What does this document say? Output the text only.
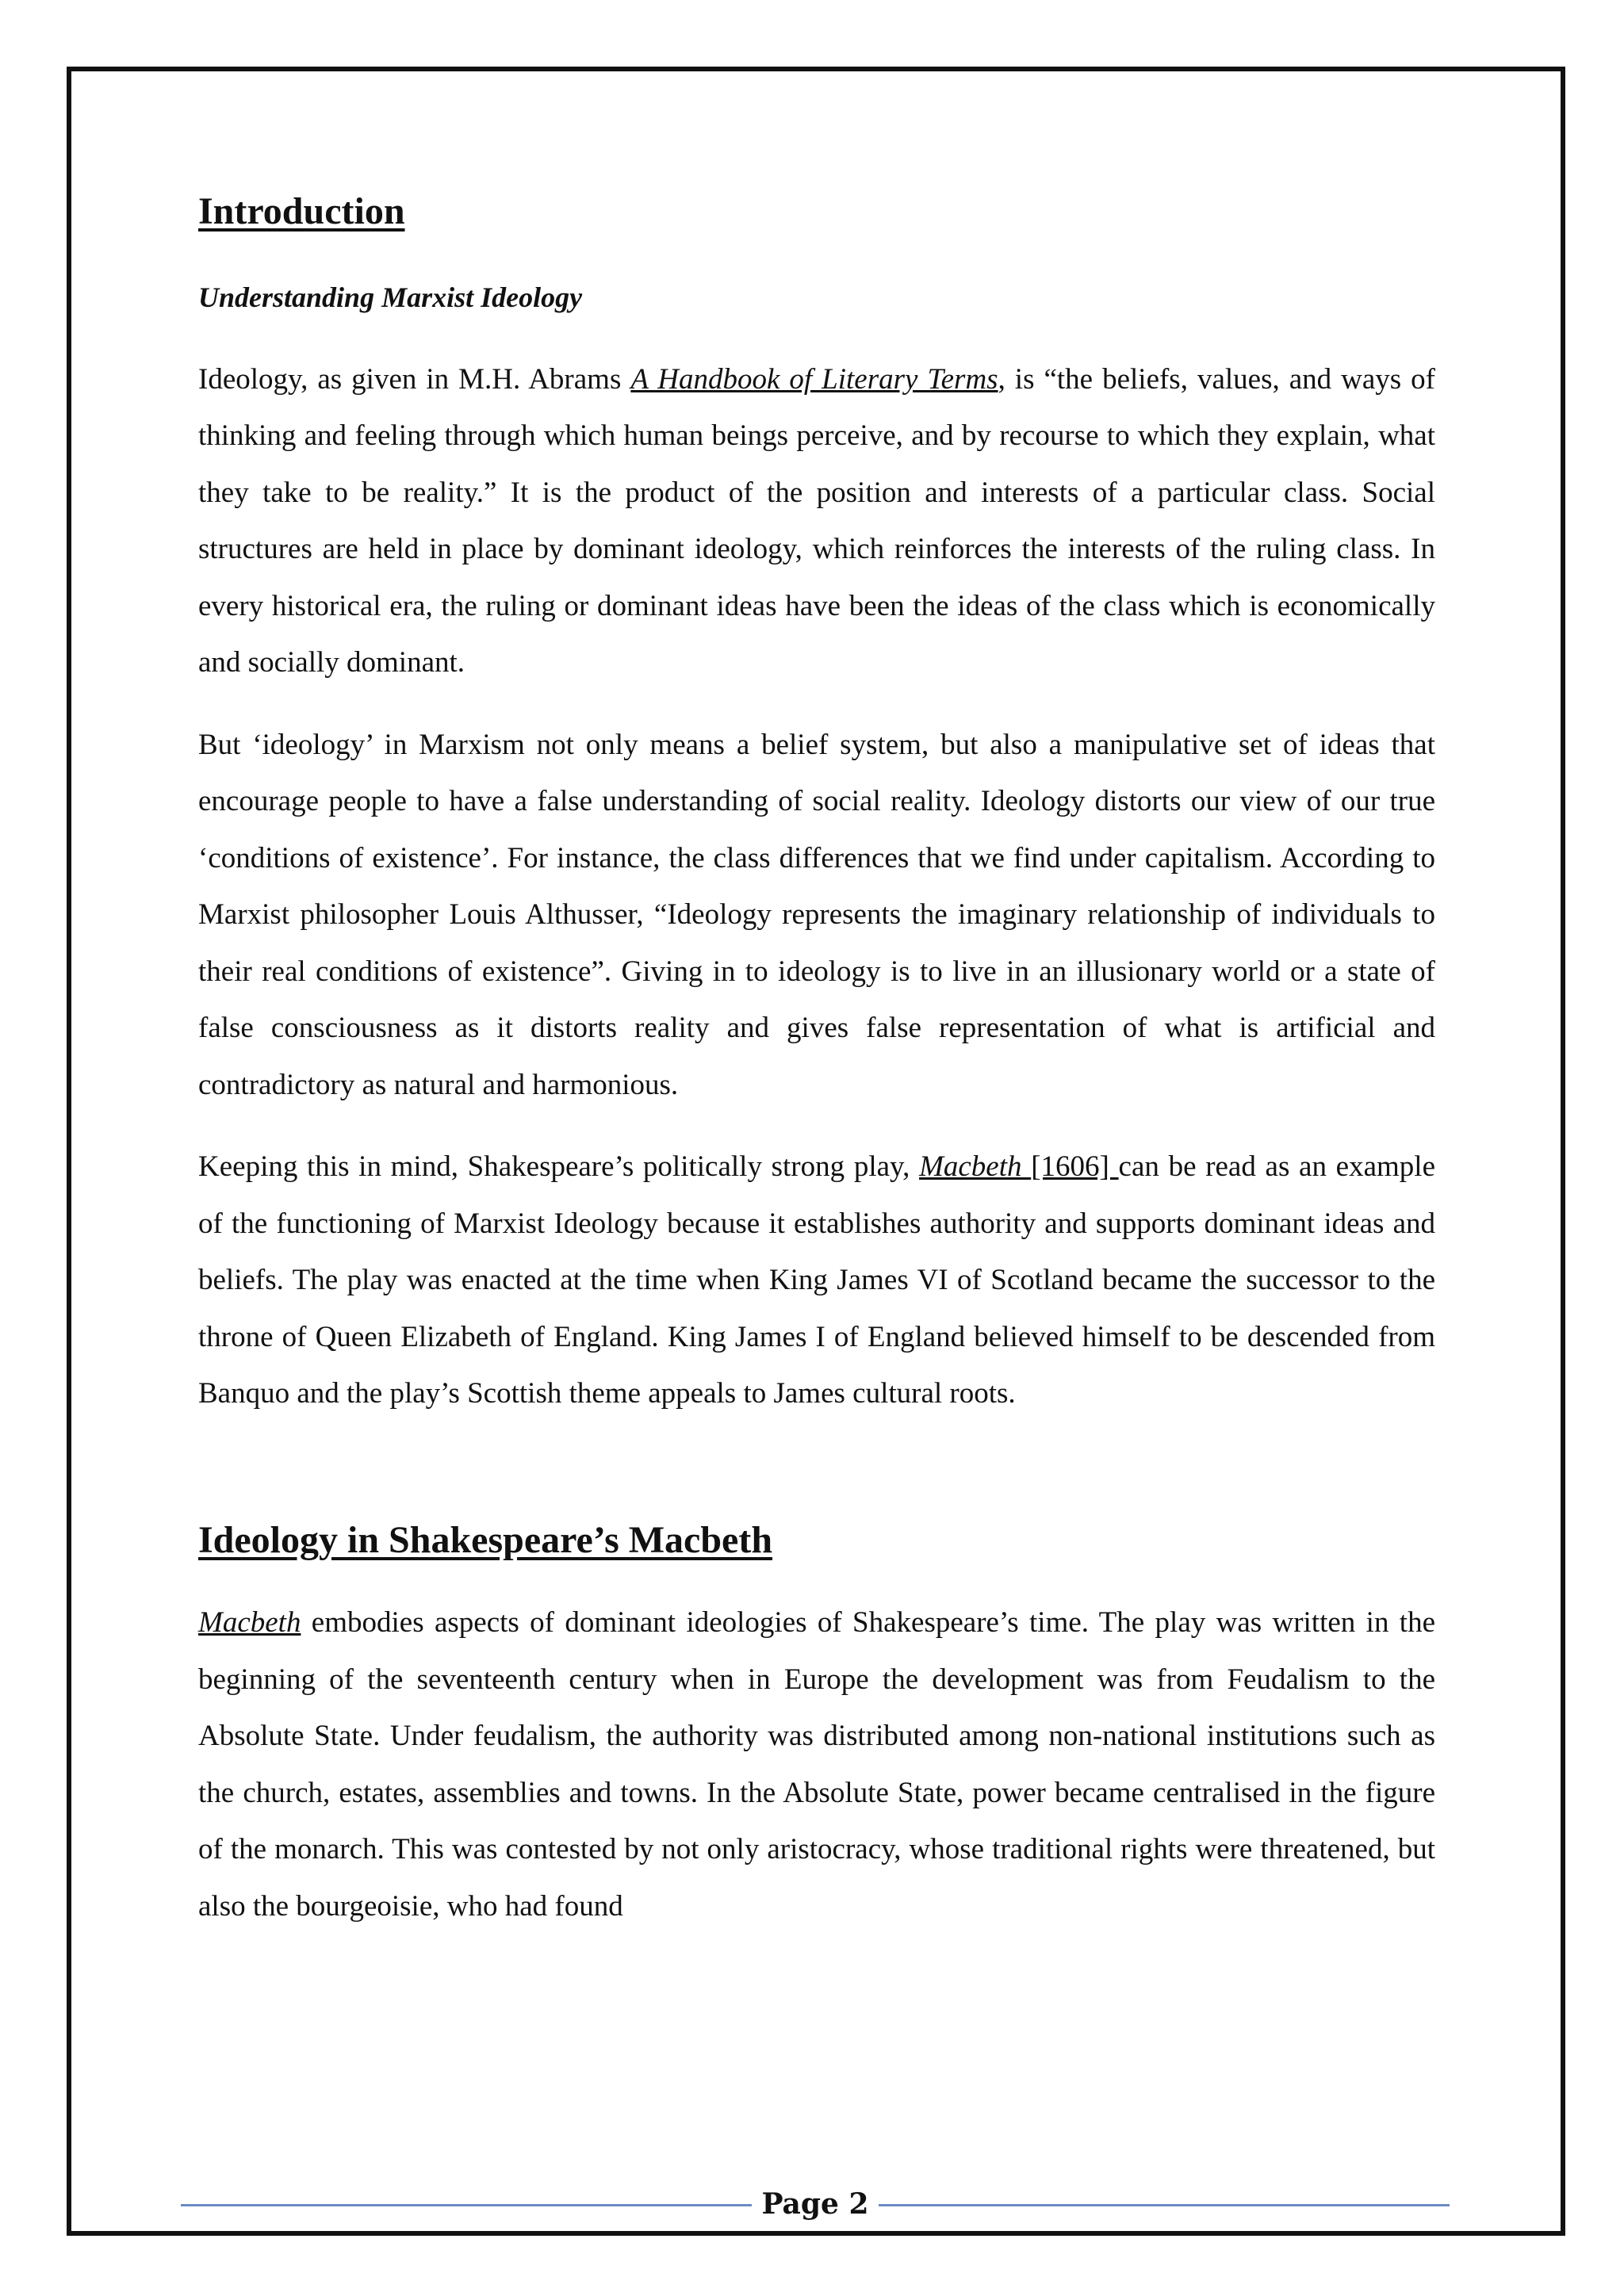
Introduction
Understanding Marxist Ideology

Ideology, as given in M.H. Abrams A Handbook of Literary Terms, is “the beliefs, values, and ways of thinking and feeling through which human beings perceive, and by recourse to which they explain, what they take to be reality.” It is the product of the position and interests of a particular class. Social structures are held in place by dominant ideology, which reinforces the interests of the ruling class. In every historical era, the ruling or dominant ideas have been the ideas of the class which is economically and socially dominant.

But ‘ideology’ in Marxism not only means a belief system, but also a manipulative set of ideas that encourage people to have a false understanding of social reality. Ideology distorts our view of our true ‘conditions of existence’. For instance, the class differences that we find under capitalism. According to Marxist philosopher Louis Althusser, “Ideology represents the imaginary relationship of individuals to their real conditions of existence”. Giving in to ideology is to live in an illusionary world or a state of false consciousness as it distorts reality and gives false representation of what is artificial and contradictory as natural and harmonious.

Keeping this in mind, Shakespeare’s politically strong play, Macbeth [1606] can be read as an example of the functioning of Marxist Ideology because it establishes authority and supports dominant ideas and beliefs. The play was enacted at the time when King James VI of Scotland became the successor to the throne of Queen Elizabeth of England. King James I of England believed himself to be descended from Banquo and the play’s Scottish theme appeals to James cultural roots.

Ideology in Shakespeare’s Macbeth

Macbeth embodies aspects of dominant ideologies of Shakespeare’s time. The play was written in the beginning of the seventeenth century when in Europe the development was from Feudalism to the Absolute State. Under feudalism, the authority was distributed among non-national institutions such as the church, estates, assemblies and towns. In the Absolute State, power became centralised in the figure of the monarch. This was contested by not only aristocracy, whose traditional rights were threatened, but also the bourgeoisie, who had found

Page 2
